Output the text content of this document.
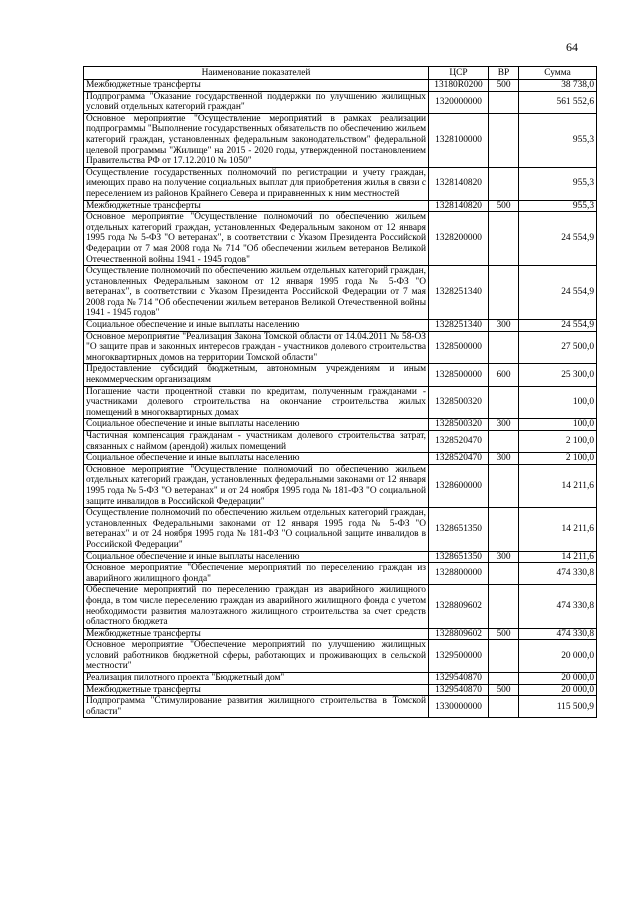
64
Наименование показателей	ЦСР	ВР	Сумма
Межбюджетные трансферты	13180R0200	500	38 738,0
Подпрограмма "Оказание государственной поддержки по улучшению жилищных условий отдельных категорий граждан"	1320000000		561 552,6
Основное мероприятие "Осуществление мероприятий в рамках реализации подпрограммы "Выполнение государственных обязательств по обеспечению жильем категорий граждан, установленных федеральным законодательством" федеральной целевой программы "Жилище" на 2015 - 2020 годы, утвержденной постановлением Правительства РФ от 17.12.2010 № 1050"	1328100000		955,3
Осуществление государственных полномочий по регистрации и учету граждан, имеющих право на получение социальных выплат для приобретения жилья в связи с переселением из районов Крайнего Севера и приравненных к ним местностей	1328140820		955,3
Межбюджетные трансферты	1328140820	500	955,3
Основное мероприятие "Осуществление полномочий по обеспечению жильем отдельных категорий граждан, установленных Федеральным законом от 12 января 1995 года № 5-ФЗ "О ветеранах", в соответствии с Указом Президента Российской Федерации от 7 мая 2008 года № 714 "Об обеспечении жильем ветеранов Великой Отечественной войны 1941 - 1945 годов"	1328200000		24 554,9
Осуществление полномочий по обеспечению жильем отдельных категорий граждан, установленных Федеральным законом от 12 января 1995 года № 5-ФЗ "О ветеранах", в соответствии с Указом Президента Российской Федерации от 7 мая 2008 года № 714 "Об обеспечении жильем ветеранов Великой Отечественной войны 1941 - 1945 годов"	1328251340		24 554,9
Социальное обеспечение и иные выплаты населению	1328251340	300	24 554,9
Основное мероприятие "Реализация Закона Томской области от 14.04.2011 № 58-ОЗ "О защите прав и законных интересов граждан - участников долевого строительства многоквартирных домов на территории Томской области"	1328500000		27 500,0
Предоставление субсидий бюджетным, автономным учреждениям и иным некоммерческим организациям	1328500000	600	25 300,0
Погашение части процентной ставки по кредитам, полученным гражданами - участниками долевого строительства на окончание строительства жилых помещений в многоквартирных домах	1328500320		100,0
Социальное обеспечение и иные выплаты населению	1328500320	300	100,0
Частичная компенсация гражданам - участникам долевого строительства затрат, связанных с наймом (арендой) жилых помещений	1328520470		2 100,0
Социальное обеспечение и иные выплаты населению	1328520470	300	2 100,0
Основное мероприятие "Осуществление полномочий по обеспечению жильем отдельных категорий граждан, установленных федеральными законами от 12 января 1995 года № 5-ФЗ "О ветеранах" и от 24 ноября 1995 года № 181-ФЗ "О социальной защите инвалидов в Российской Федерации"	1328600000		14 211,6
Осуществление полномочий по обеспечению жильем отдельных категорий граждан, установленных Федеральными законами от 12 января 1995 года № 5-ФЗ "О ветеранах" и от 24 ноября 1995 года № 181-ФЗ "О социальной защите инвалидов в Российской Федерации"	1328651350		14 211,6
Социальное обеспечение и иные выплаты населению	1328651350	300	14 211,6
Основное мероприятие "Обеспечение мероприятий по переселению граждан из аварийного жилищного фонда"	1328800000		474 330,8
Обеспечение мероприятий по переселению граждан из аварийного жилищного фонда, в том числе переселению граждан из аварийного жилищного фонда с учетом необходимости развития малоэтажного жилищного строительства за счет средств областного бюджета	1328809602		474 330,8
Межбюджетные трансферты	1328809602	500	474 330,8
Основное мероприятие "Обеспечение мероприятий по улучшению жилищных условий работников бюджетной сферы, работающих и проживающих в сельской местности"	1329500000		20 000,0
Реализация пилотного проекта "Бюджетный дом"	1329540870		20 000,0
Межбюджетные трансферты	1329540870	500	20 000,0
Подпрограмма "Стимулирование развития жилищного строительства в Томской области"	1330000000		115 500,9
